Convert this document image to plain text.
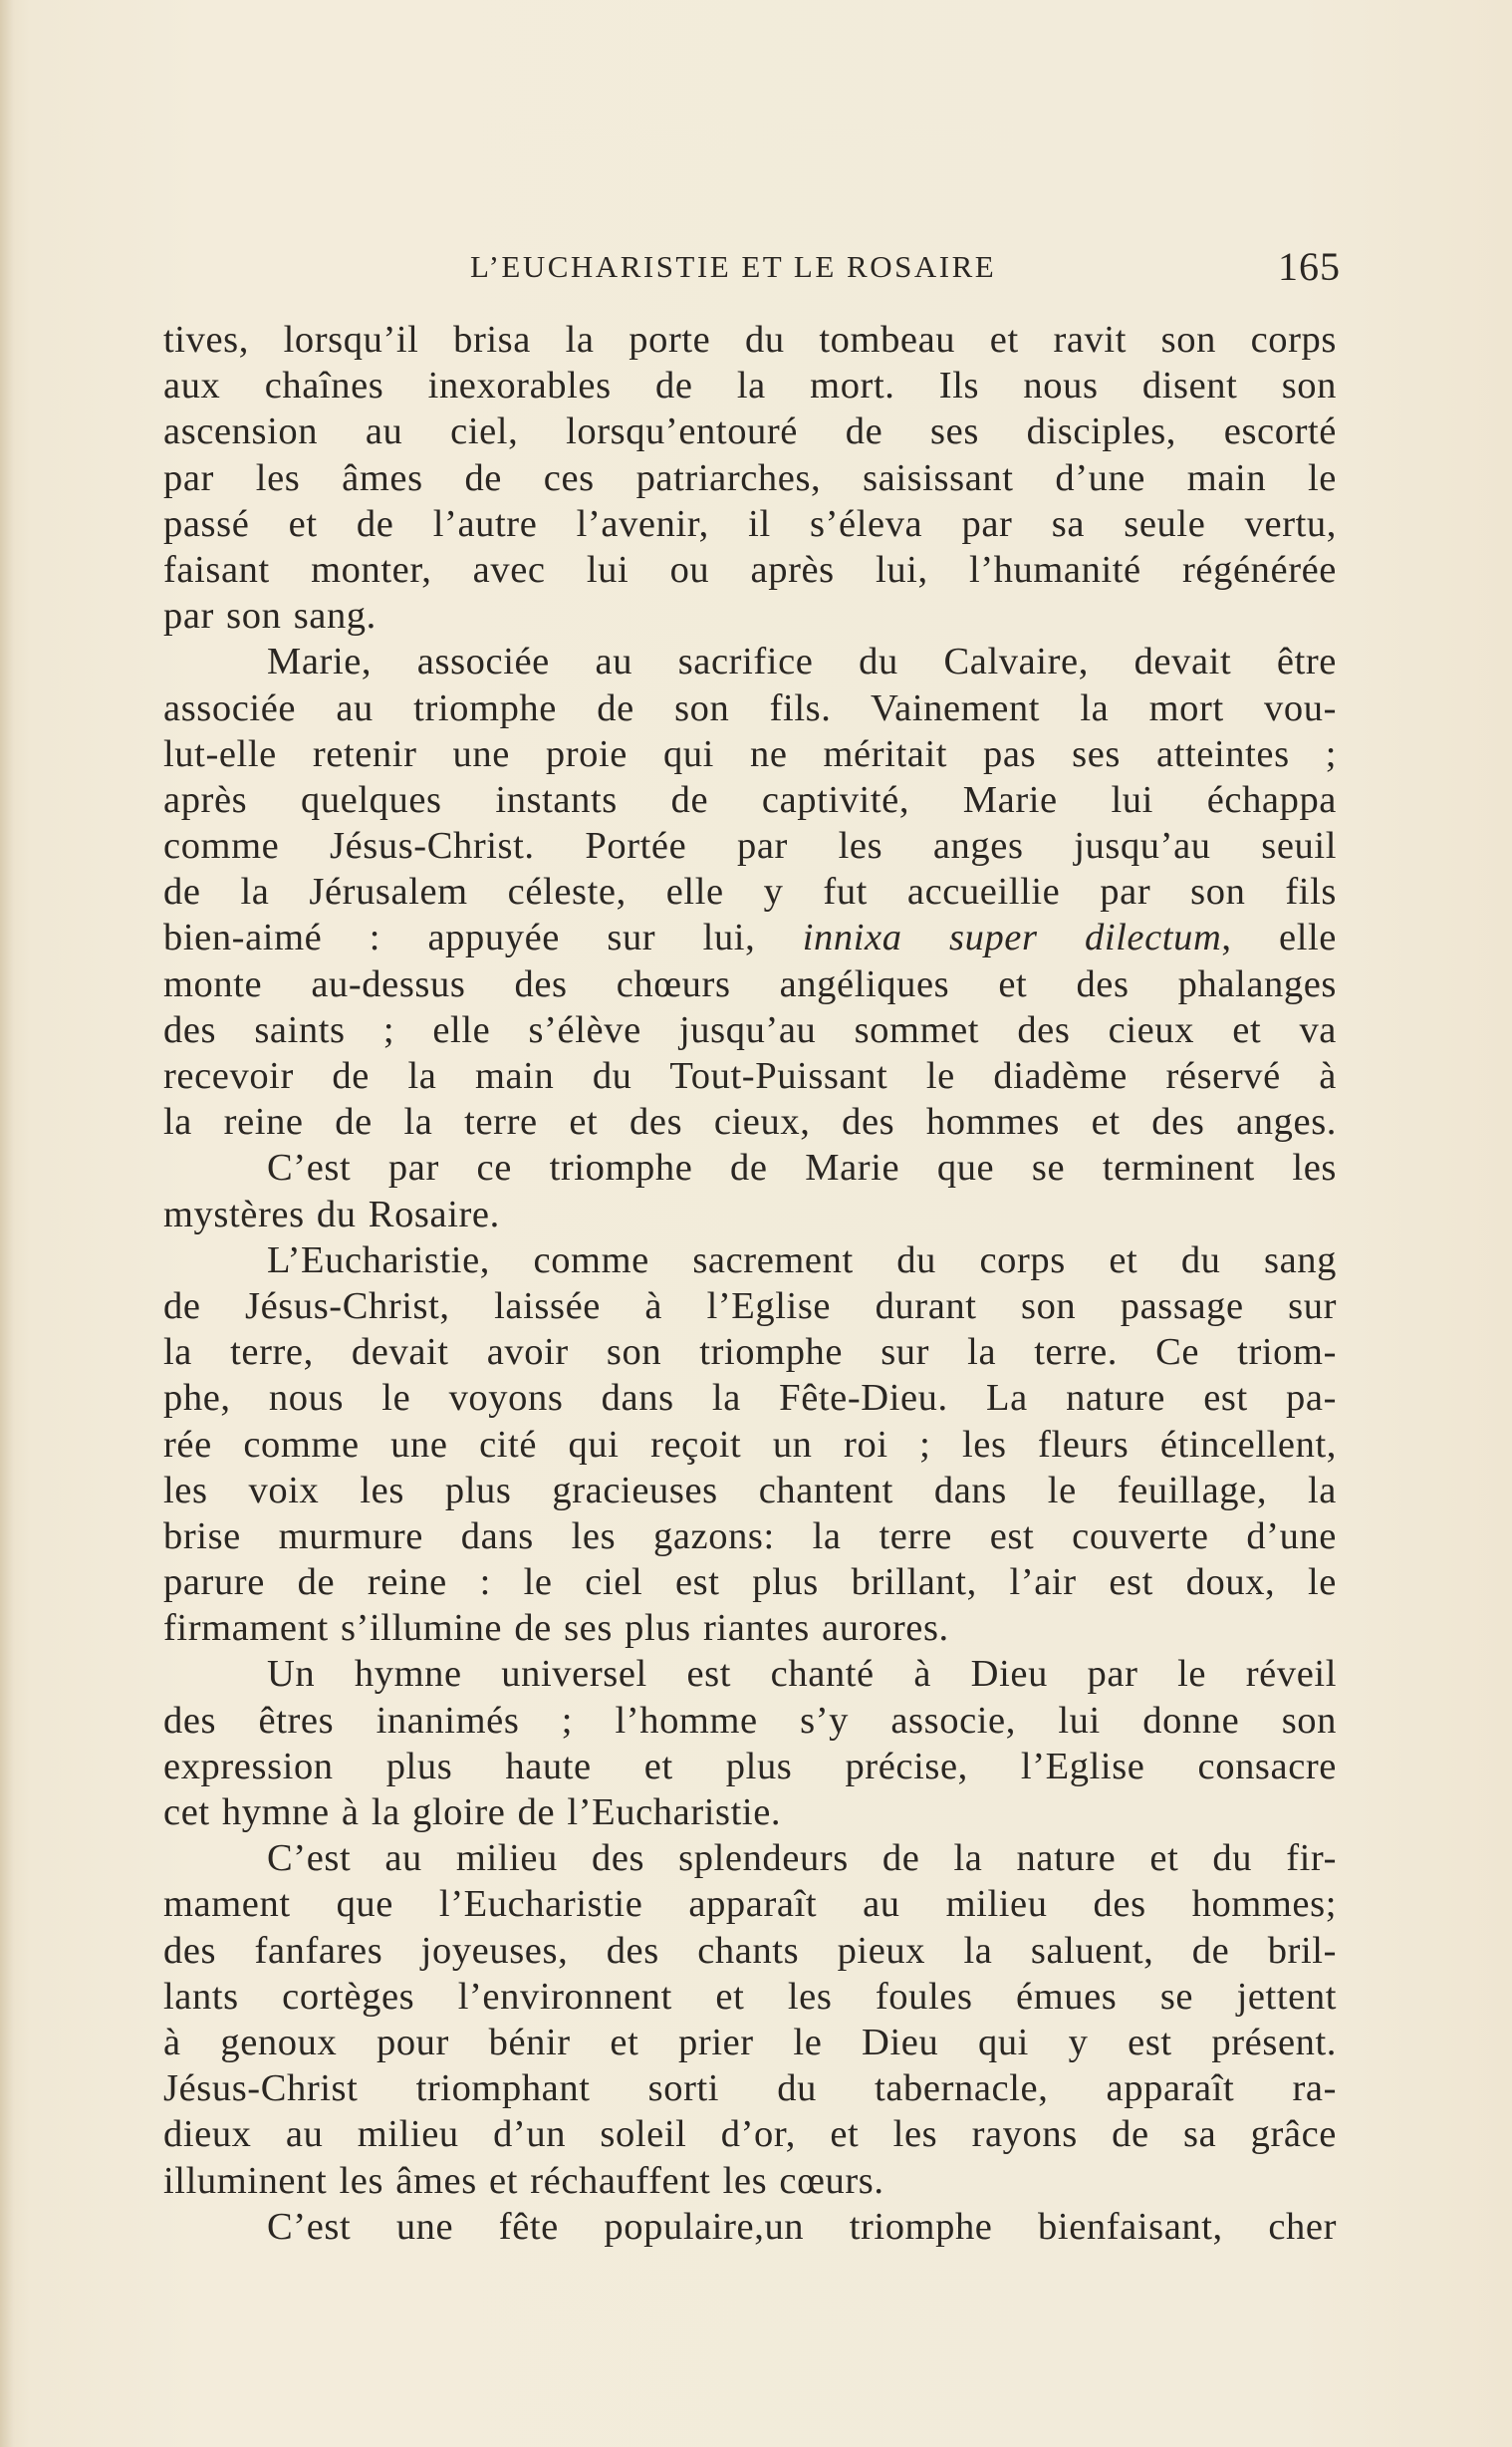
L’EUCHARISTIE ET LE ROSAIRE	165
tives, lorsqu’il brisa la porte du tombeau et ravit son corps
aux chaînes inexorables de la mort. Ils nous disent son
ascension au ciel, lorsqu’entouré de ses disciples, escorté
par les âmes de ces patriarches, saisissant d’une main le
passé et de l’autre l’avenir, il s’éleva par sa seule vertu,
faisant monter, avec lui ou après lui, l’humanité régénérée
par son sang.
Marie, associée au sacrifice du Calvaire, devait être
associée au triomphe de son fils. Vainement la mort vou-
lut-elle retenir une proie qui ne méritait pas ses atteintes ;
après quelques instants de captivité, Marie lui échappa
comme Jésus-Christ. Portée par les anges jusqu’au seuil
de la Jérusalem céleste, elle y fut accueillie par son fils
bien-aimé : appuyée sur lui, innixa super dilectum, elle
monte au-dessus des chœurs angéliques et des phalanges
des saints ; elle s’élève jusqu’au sommet des cieux et va
recevoir de la main du Tout-Puissant le diadème réservé à
la reine de la terre et des cieux, des hommes et des anges.
C’est par ce triomphe de Marie que se terminent les
mystères du Rosaire.
L’Eucharistie, comme sacrement du corps et du sang
de Jésus-Christ, laissée à l’Eglise durant son passage sur
la terre, devait avoir son triomphe sur la terre. Ce triom-
phe, nous le voyons dans la Fête-Dieu. La nature est pa-
rée comme une cité qui reçoit un roi ; les fleurs étincellent,
les voix les plus gracieuses chantent dans le feuillage, la
brise murmure dans les gazons: la terre est couverte d’une
parure de reine : le ciel est plus brillant, l’air est doux, le
firmament s’illumine de ses plus riantes aurores.
Un hymne universel est chanté à Dieu par le réveil
des êtres inanimés ; l’homme s’y associe, lui donne son
expression plus haute et plus précise, l’Eglise consacre
cet hymne à la gloire de l’Eucharistie.
C’est au milieu des splendeurs de la nature et du fir-
mament que l’Eucharistie apparaît au milieu des hommes;
des fanfares joyeuses, des chants pieux la saluent, de bril-
lants cortèges l’environnent et les foules émues se jettent
à genoux pour bénir et prier le Dieu qui y est présent.
Jésus-Christ triomphant sorti du tabernacle, apparaît ra-
dieux au milieu d’un soleil d’or, et les rayons de sa grâce
illuminent les âmes et réchauffent les cœurs.
C’est une fête populaire,un triomphe bienfaisant, cher
